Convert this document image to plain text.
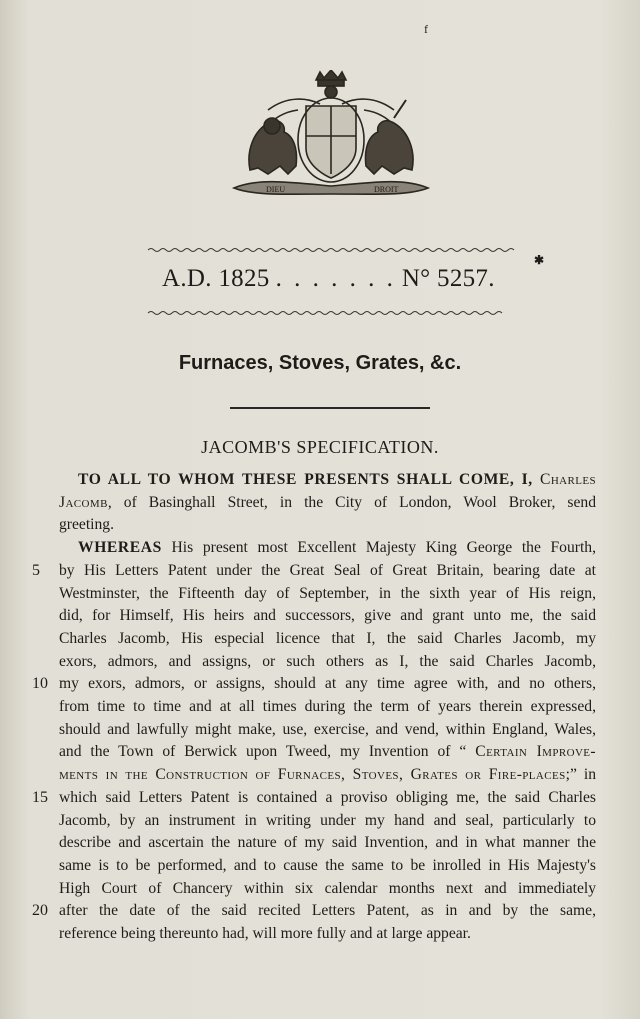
f
DIEU	DROIT
✱
A.D. 1825 . . . . . . . N° 5257.
Furnaces, Stoves, Grates, &c.
JACOMB'S SPECIFICATION.
TO ALL TO WHOM THESE PRESENTS SHALL COME, I, Charles
Jacomb, of Basinghall Street, in the City of London, Wool Broker, send
greeting.
WHEREAS His present most Excellent Majesty King George the Fourth,
by His Letters Patent under the Great Seal of Great Britain, bearing date at
5
Westminster, the Fifteenth day of September, in the sixth year of His reign,
did, for Himself, His heirs and successors, give and grant unto me, the said
Charles Jacomb, His especial licence that I, the said Charles Jacomb, my
exors, admors, and assigns, or such others as I, the said Charles Jacomb,
my exors, admors, or assigns, should at any time agree with, and no others,
10
from time to time and at all times during the term of years therein expressed,
should and lawfully might make, use, exercise, and vend, within England, Wales,
and the Town of Berwick upon Tweed, my Invention of “ Certain Improve-
ments in the Construction of Furnaces, Stoves, Grates or Fire-places;” in
which said Letters Patent is contained a proviso obliging me, the said Charles
15
Jacomb, by an instrument in writing under my hand and seal, particularly to
describe and ascertain the nature of my said Invention, and in what manner the
same is to be performed, and to cause the same to be inrolled in His Majesty's
High Court of Chancery within six calendar months next and immediately
after the date of the said recited Letters Patent, as in and by the same,
20
reference being thereunto had, will more fully and at large appear.
